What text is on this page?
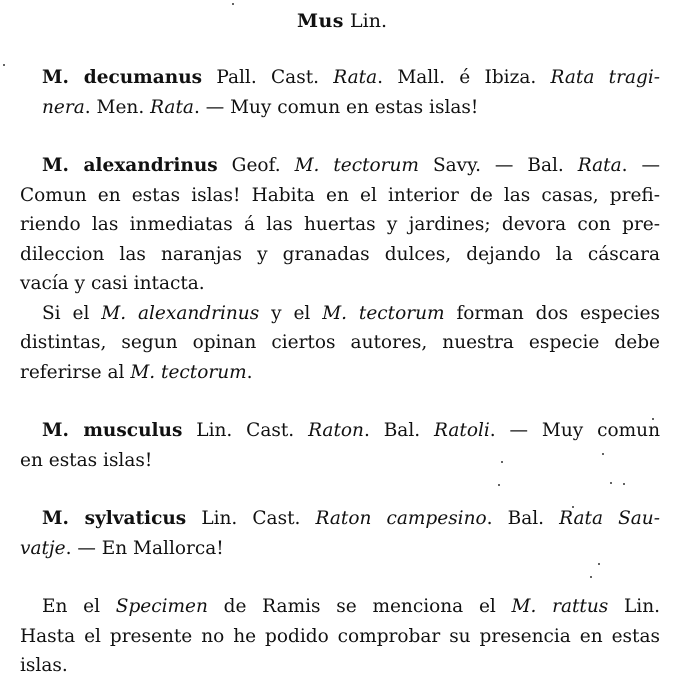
Mus Lin.
M. decumanus Pall. Cast. Rata. Mall. é Ibiza. Rata tragi-
nera. Men. Rata. — Muy comun en estas islas!
M. alexandrinus Geof. M. tectorum Savy. — Bal. Rata. —
Comun en estas islas! Habita en el interior de las casas, prefi-
riendo las inmediatas á las huertas y jardines; devora con pre-
dileccion las naranjas y granadas dulces, dejando la cáscara
vacía y casi intacta.
Si el M. alexandrinus y el M. tectorum forman dos especies
distintas, segun opinan ciertos autores, nuestra especie debe
referirse al M. tectorum.
M. musculus Lin. Cast. Raton. Bal. Ratoli. — Muy comun
en estas islas!
M. sylvaticus Lin. Cast. Raton campesino. Bal. Rata Sau-
vatje. — En Mallorca!
En el Specimen de Ramis se menciona el M. rattus Lin.
Hasta el presente no he podido comprobar su presencia en estas
islas.
